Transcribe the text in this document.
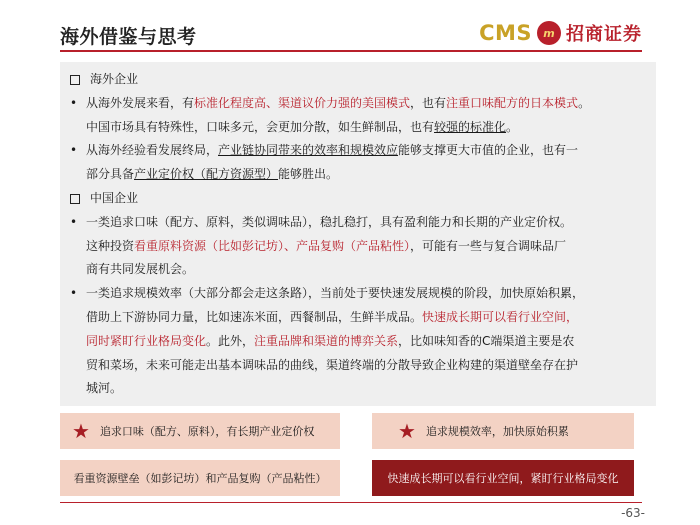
海外借鉴与思考	CMS	m 招商证券
海外企业
• 从海外发展来看，有标准化程度高、渠道议价力强的美国模式，也有注重口味配方的日本模式。
中国市场具有特殊性，口味多元，会更加分散，如生鲜制品，也有较强的标准化。
• 从海外经验看发展终局，产业链协同带来的效率和规模效应能够支撑更大市值的企业，也有一
部分具备产业定价权（配方资源型）能够胜出。
中国企业
• 一类追求口味（配方、原料，类似调味品），稳扎稳打，具有盈利能力和长期的产业定价权。
这种投资看重原料资源（比如彭记坊）、产品复购（产品粘性），可能有一些与复合调味品厂
商有共同发展机会。
• 一类追求规模效率（大部分都会走这条路），当前处于要快速发展规模的阶段，加快原始积累，
借助上下游协同力量，比如速冻米面，西餐制品，生鲜半成品。快速成长期可以看行业空间，
同时紧盯行业格局变化。此外，注重品牌和渠道的博弈关系，比如味知香的C端渠道主要是农
贸和菜场，未来可能走出基本调味品的曲线，渠道终端的分散导致企业构建的渠道壁垒存在护
城河。
★ 追求口味（配方、原料），有长期产业定价权	★ 追求规模效率，加快原始积累
看重资源壁垒（如彭记坊）和产品复购（产品粘性）	快速成长期可以看行业空间，紧盯行业格局变化
-63-
